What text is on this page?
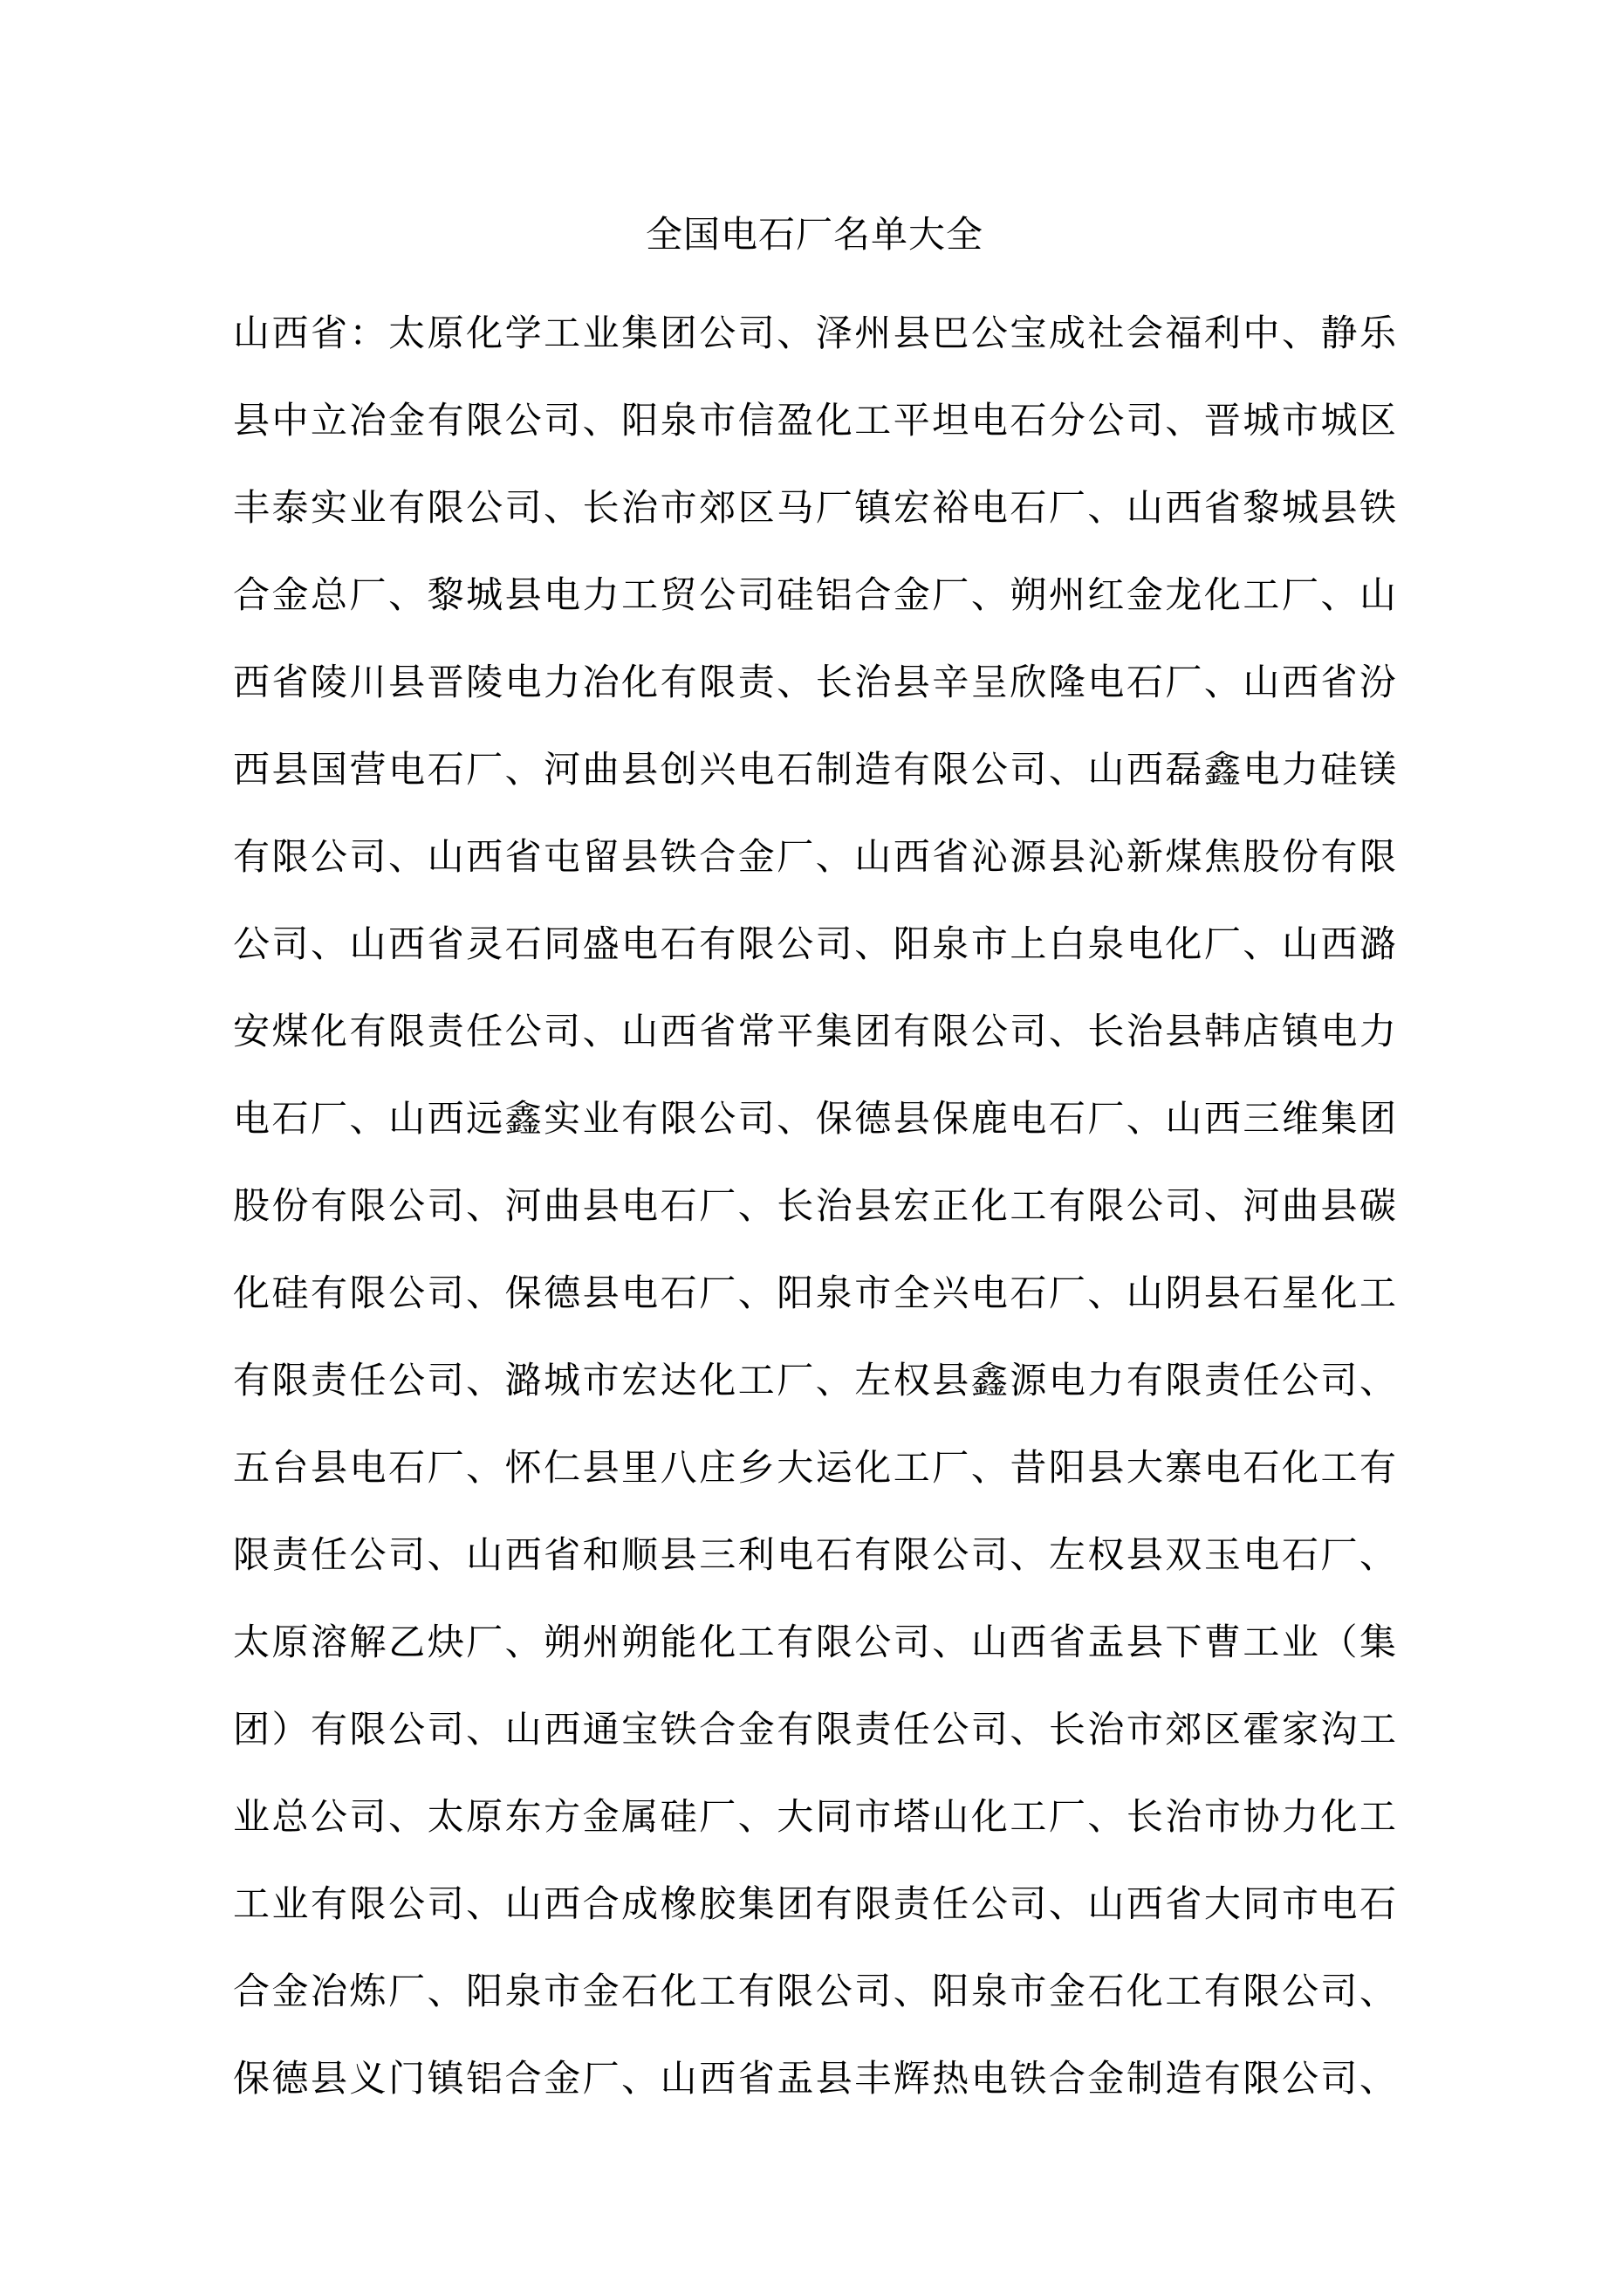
全国电石厂名单大全
山西省：太原化学工业集团公司、泽州县巴公宝成社会福利中、静乐
县中立冶金有限公司、阳泉市信盈化工平坦电石分公司、晋城市城区
丰泰实业有限公司、长治市郊区马厂镇宏裕电石厂、山西省黎城县铁
合金总厂、黎城县电力工贸公司硅铝合金厂、朔州红金龙化工厂、山
西省陵川县晋陵电力冶化有限责、长治县辛呈欣隆电石厂、山西省汾
西县国营电石厂、河曲县创兴电石制造有限公司、山西磊鑫电力硅镁
有限公司、山西省屯留县铁合金厂、山西省沁源县沁新煤焦股份有限
公司、山西省灵石同盛电石有限公司、阳泉市上白泉电化厂、山西潞
安煤化有限责任公司、山西省常平集团有限公司、长治县韩店镇电力
电石厂、山西远鑫实业有限公司、保德县保鹿电石厂、山西三维集团
股份有限公司、河曲县电石厂、长治县宏正化工有限公司、河曲县碳
化硅有限公司、保德县电石厂、阳泉市全兴电石厂、山阴县石星化工
有限责任公司、潞城市宏达化工厂、左权县鑫源电力有限责任公司、
五台县电石厂、怀仁县里八庄乡大运化工厂、昔阳县大寨电石化工有
限责任公司、山西省和顺县三利电石有限公司、左权县双玉电石厂、
太原溶解乙炔厂、朔州朔能化工有限公司、山西省盂县下曹工业（集
团）有限公司、山西通宝铁合金有限责任公司、长治市郊区霍家沟工
业总公司、太原东方金属硅厂、大同市塔山化工厂、长治市协力化工
工业有限公司、山西合成橡胶集团有限责任公司、山西省大同市电石
合金冶炼厂、阳泉市金石化工有限公司、阳泉市金石化工有限公司、
保德县义门镇铝合金厂、山西省盂县丰辉热电铁合金制造有限公司、
